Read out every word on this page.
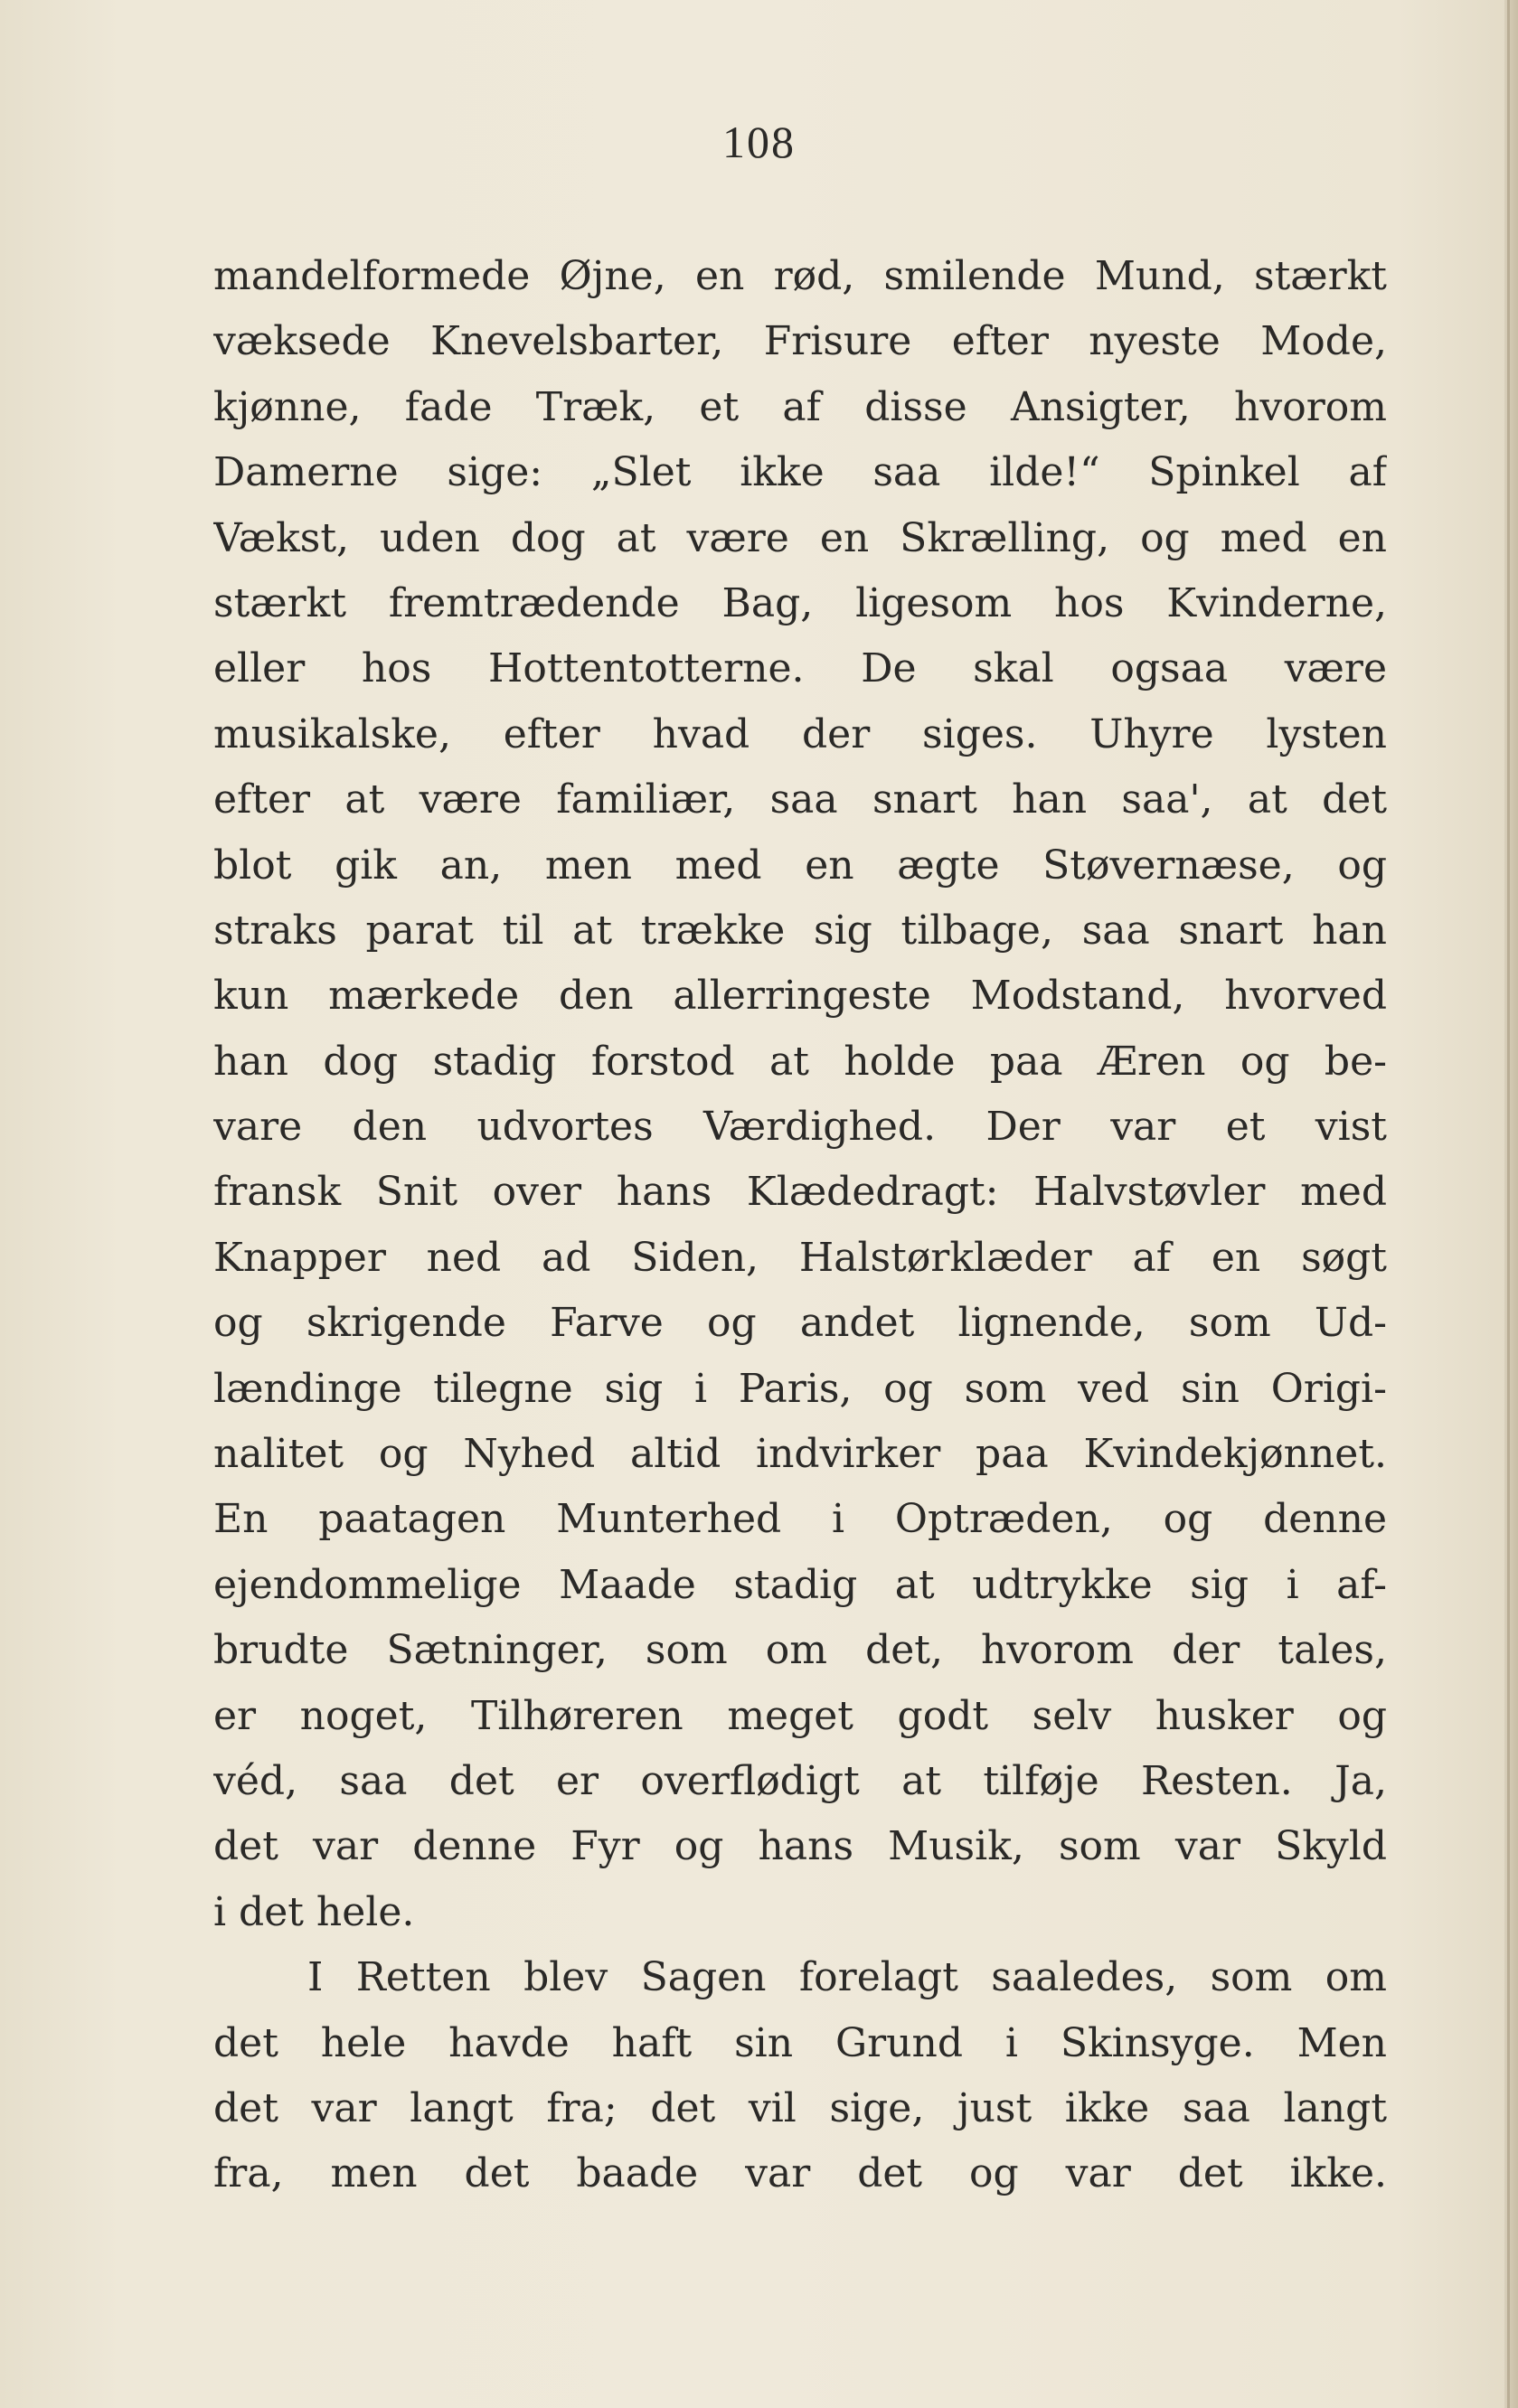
108
mandelformede Øjne, en rød, smilende Mund, stærkt
væksede Knevelsbarter, Frisure efter nyeste Mode,
kjønne, fade Træk, et af disse Ansigter, hvorom
Damerne sige: „Slet ikke saa ilde!“ Spinkel af
Vækst, uden dog at være en Skrælling, og med en
stærkt fremtrædende Bag, ligesom hos Kvinderne,
eller hos Hottentotterne. De skal ogsaa være
musikalske, efter hvad der siges. Uhyre lysten
efter at være familiær, saa snart han saa', at det
blot gik an, men med en ægte Støvernæse, og
straks parat til at trække sig tilbage, saa snart han
kun mærkede den allerringeste Modstand, hvorved
han dog stadig forstod at holde paa Æren og be-
vare den udvortes Værdighed. Der var et vist
fransk Snit over hans Klædedragt: Halvstøvler med
Knapper ned ad Siden, Halstørklæder af en søgt
og skrigende Farve og andet lignende, som Ud-
lændinge tilegne sig i Paris, og som ved sin Origi-
nalitet og Nyhed altid indvirker paa Kvindekjønnet.
En paatagen Munterhed i Optræden, og denne
ejendommelige Maade stadig at udtrykke sig i af-
brudte Sætninger, som om det, hvorom der tales,
er noget, Tilhøreren meget godt selv husker og
véd, saa det er overflødigt at tilføje Resten. Ja,
det var denne Fyr og hans Musik, som var Skyld
i det hele.
I Retten blev Sagen forelagt saaledes, som om
det hele havde haft sin Grund i Skinsyge. Men
det var langt fra; det vil sige, just ikke saa langt
fra, men det baade var det og var det ikke.
